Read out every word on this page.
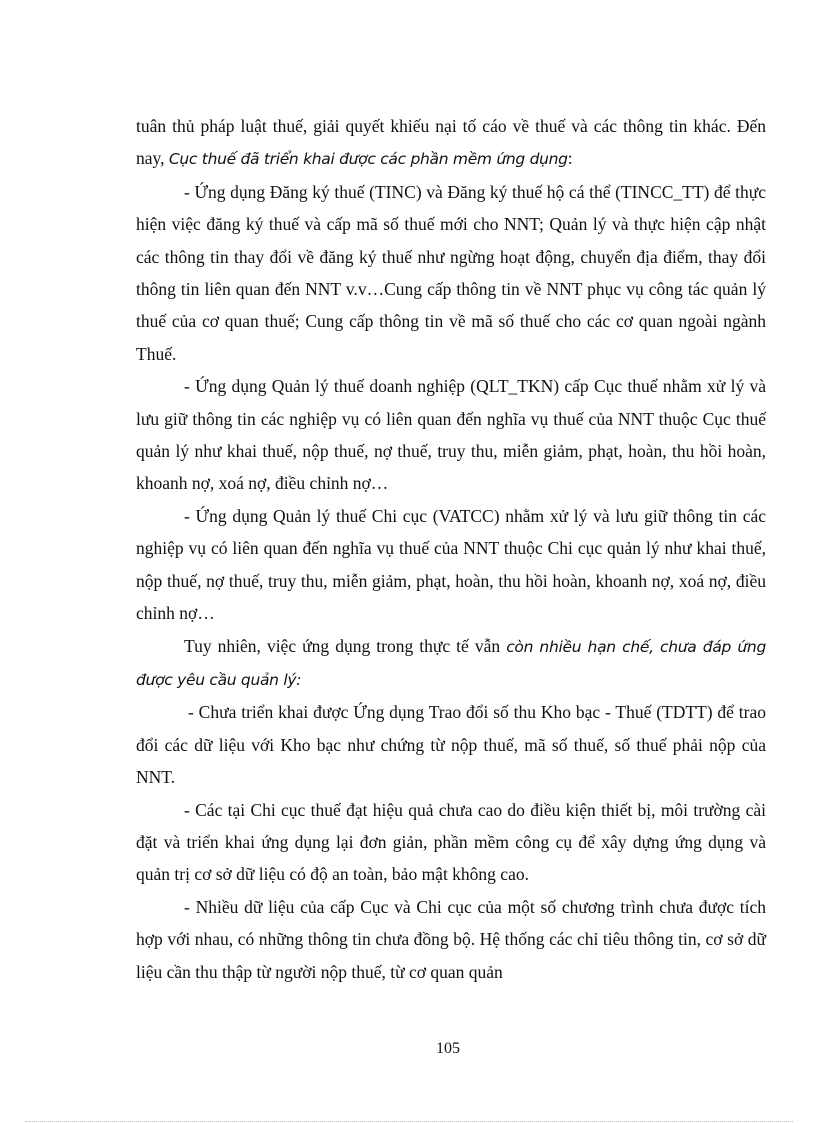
tuân thủ pháp luật thuế, giải quyết khiếu nại tố cáo về thuế và các thông tin khác. Đến nay, Cục thuế đã triển khai được các phần mềm ứng dụng:

- Ứng dụng Đăng ký thuế (TINC) và Đăng ký thuế hộ cá thể (TINCC_TT) để thực hiện việc đăng ký thuế và cấp mã số thuế mới cho NNT; Quản lý và thực hiện cập nhật các thông tin thay đổi về đăng ký thuế như ngừng hoạt động, chuyển địa điểm, thay đổi thông tin liên quan đến NNT v.v…Cung cấp thông tin về NNT phục vụ công tác quản lý thuế của cơ quan thuế; Cung cấp thông tin về mã số thuế cho các cơ quan ngoài ngành Thuế.

- Ứng dụng Quản lý thuế doanh nghiệp (QLT_TKN) cấp Cục thuế nhằm xử lý và lưu giữ thông tin các nghiệp vụ có liên quan đến nghĩa vụ thuế của NNT thuộc Cục thuế quản lý như khai thuế, nộp thuế, nợ thuế, truy thu, miễn giảm, phạt, hoàn, thu hồi hoàn, khoanh nợ, xoá nợ, điều chỉnh nợ…

- Ứng dụng Quản lý thuế Chi cục (VATCC) nhằm xử lý và lưu giữ thông tin các nghiệp vụ có liên quan đến nghĩa vụ thuế của NNT thuộc Chi cục quản lý như khai thuế, nộp thuế, nợ thuế, truy thu, miễn giảm, phạt, hoàn, thu hồi hoàn, khoanh nợ, xoá nợ, điều chỉnh nợ…

Tuy nhiên, việc ứng dụng trong thực tế vẫn còn nhiều hạn chế, chưa đáp ứng được yêu cầu quản lý:

- Chưa triển khai được Ứng dụng Trao đổi số thu Kho bạc - Thuế (TDTT) để trao đổi các dữ liệu với Kho bạc như chứng từ nộp thuế, mã số thuế, số thuế phải nộp của NNT.

- Các tại Chi cục thuế đạt hiệu quả chưa cao do điều kiện thiết bị, môi trường cài đặt và triển khai ứng dụng lại đơn giản, phần mềm công cụ để xây dựng ứng dụng và quản trị cơ sở dữ liệu có độ an toàn, bảo mật không cao.

- Nhiều dữ liệu của cấp Cục và Chi cục của một số chương trình chưa được tích hợp với nhau, có những thông tin chưa đồng bộ. Hệ thống các chỉ tiêu thông tin, cơ sở dữ liệu cần thu thập từ người nộp thuế, từ cơ quan quản

105
